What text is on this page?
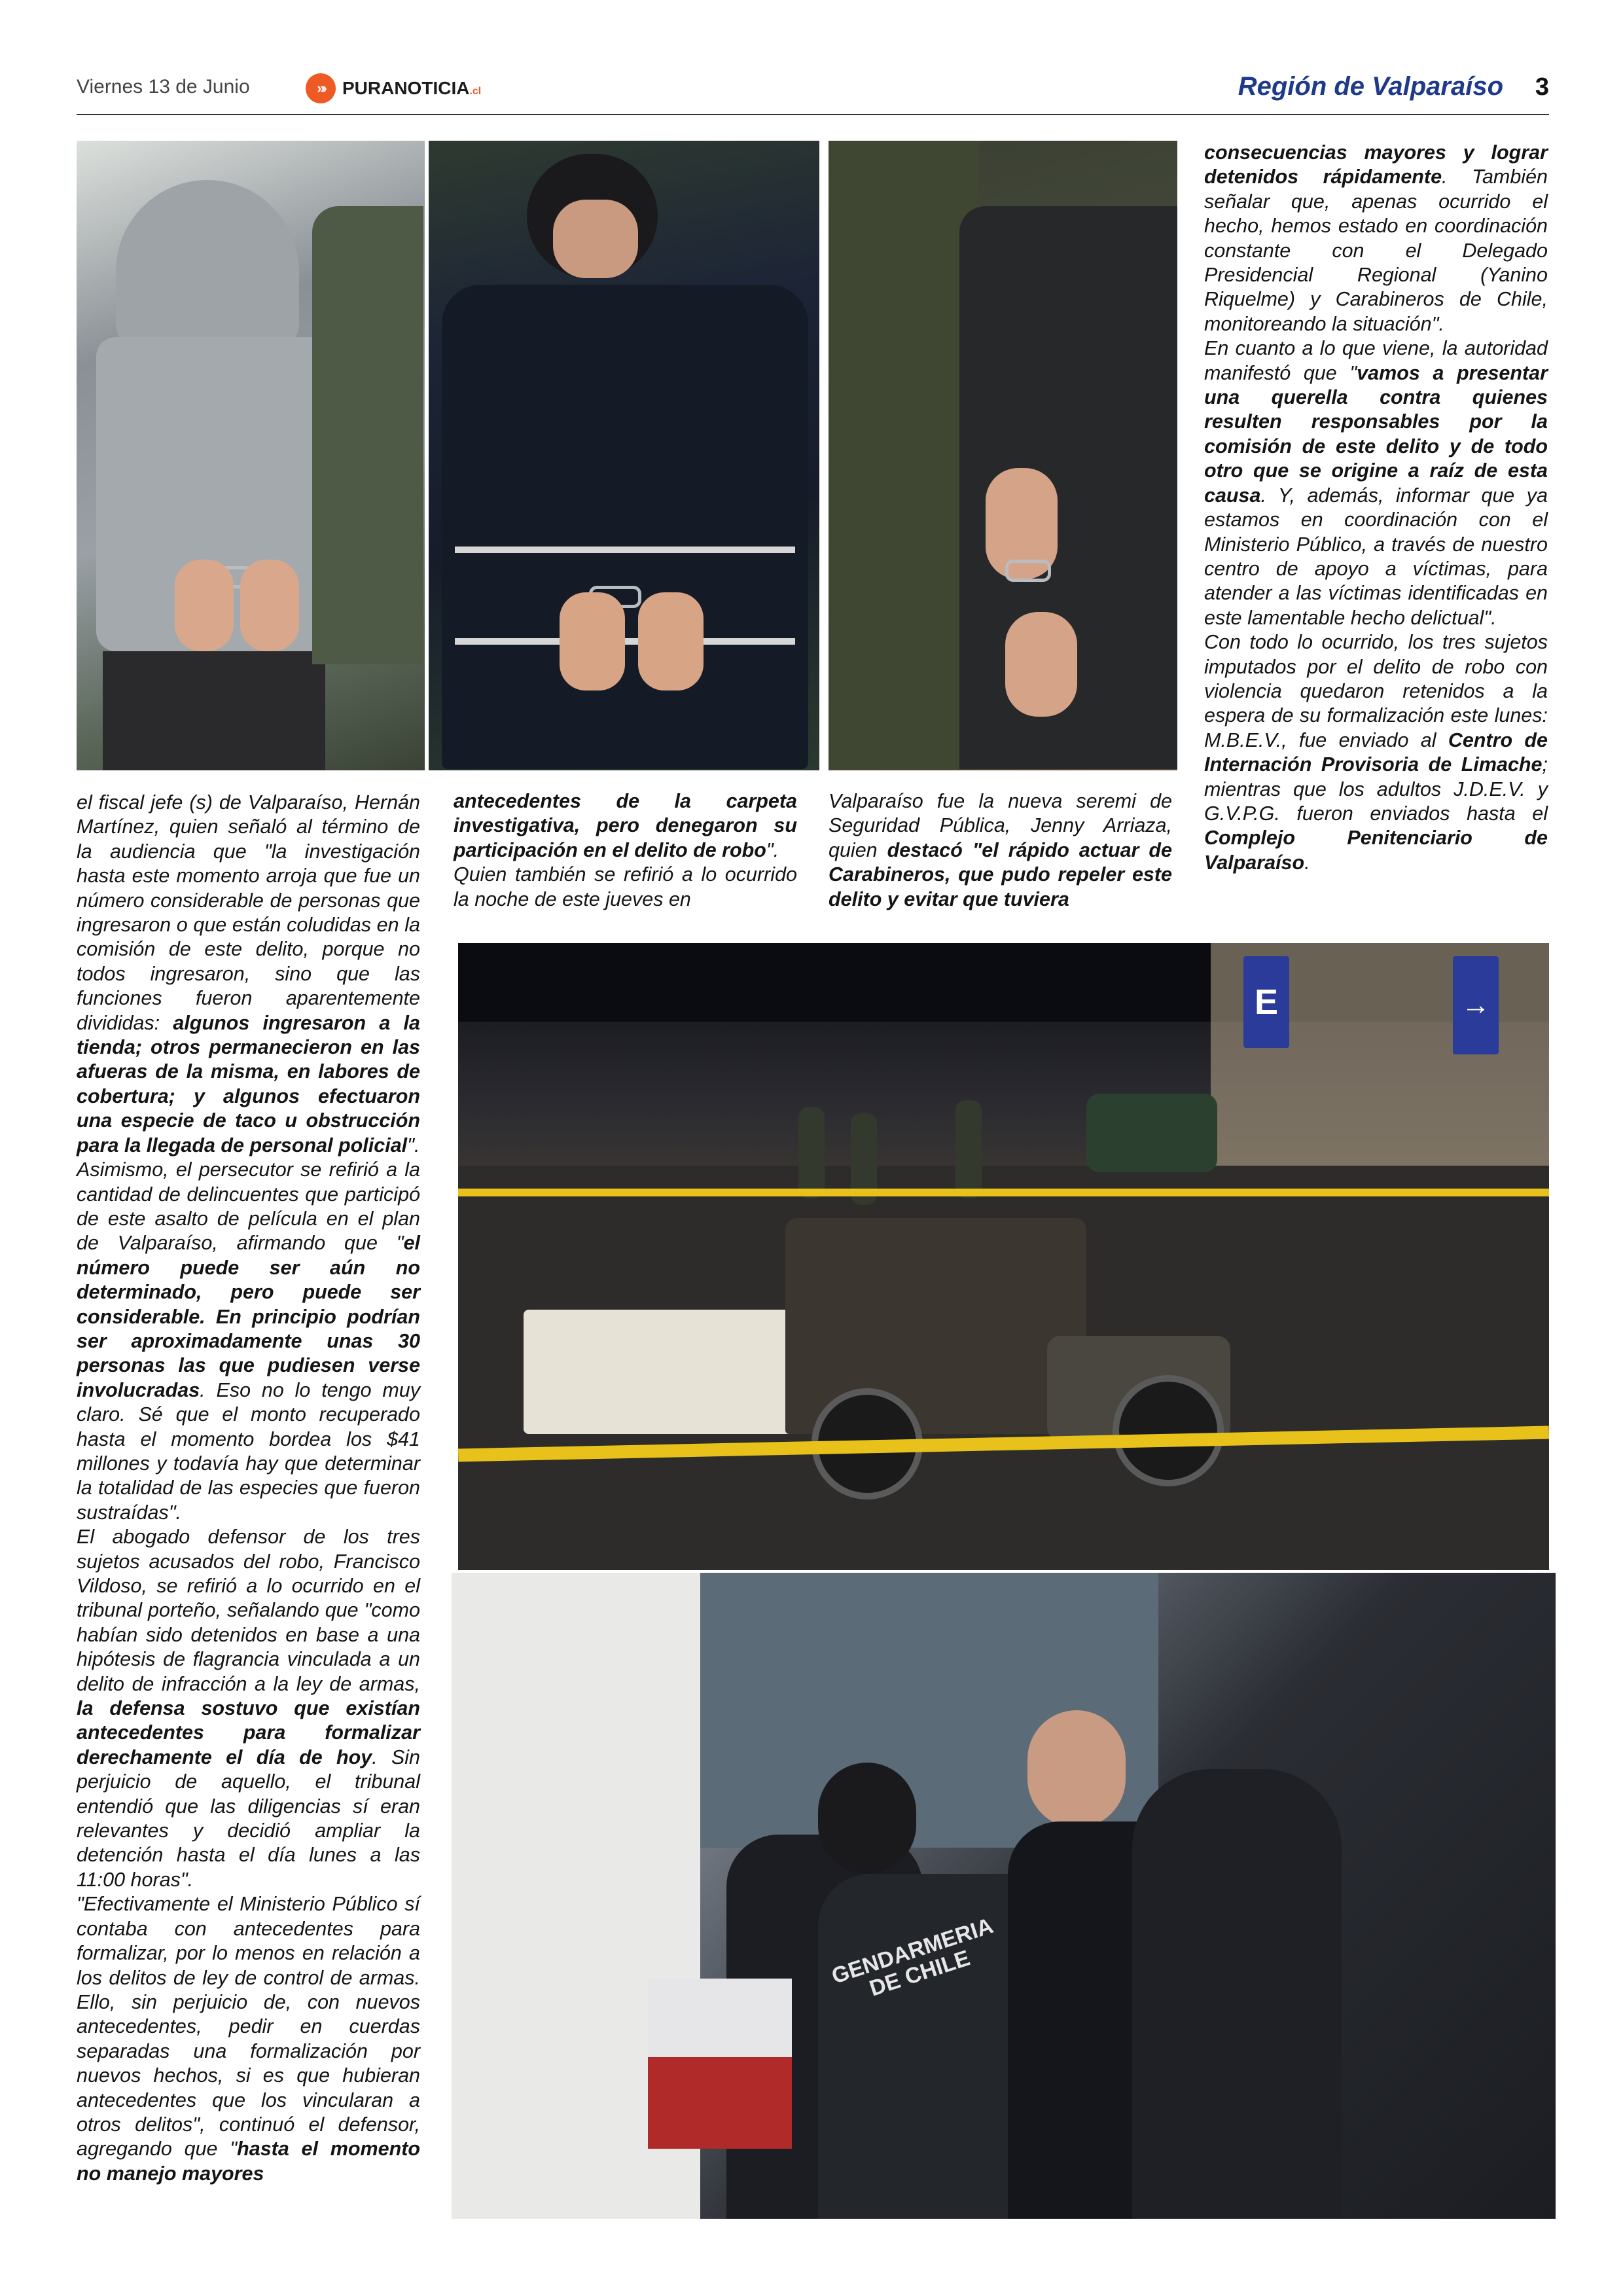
Viernes 13 de Junio	»› PURANOTICIA.cl	Región de Valparaíso 3

el fiscal jefe (s) de Valparaíso, Hernán Martínez, quien señaló al término de la audiencia que "la investigación hasta este momento arroja que fue un número considerable de personas que ingresaron o que están coludidas en la comisión de este delito, porque no todos ingresaron, sino que las funciones fueron aparentemente divididas: algunos ingresaron a la tienda; otros permanecieron en las afueras de la misma, en labores de cobertura; y algunos efectuaron una especie de taco u obstrucción para la llegada de personal policial".

Asimismo, el persecutor se refirió a la cantidad de delincuentes que participó de este asalto de película en el plan de Valparaíso, afirmando que "el número puede ser aún no determinado, pero puede ser considerable. En principio podrían ser aproximadamente unas 30 personas las que pudiesen verse involucradas. Eso no lo tengo muy claro. Sé que el monto recuperado hasta el momento bordea los $41 millones y todavía hay que determinar la totalidad de las especies que fueron sustraídas".

El abogado defensor de los tres sujetos acusados del robo, Francisco Vildoso, se refirió a lo ocurrido en el tribunal porteño, señalando que "como habían sido detenidos en base a una hipótesis de flagrancia vinculada a un delito de infracción a la ley de armas, la defensa sostuvo que existían antecedentes para formalizar derechamente el día de hoy. Sin perjuicio de aquello, el tribunal entendió que las diligencias sí eran relevantes y decidió ampliar la detención hasta el día lunes a las 11:00 horas".

"Efectivamente el Ministerio Público sí contaba con antecedentes para formalizar, por lo menos en relación a los delitos de ley de control de armas. Ello, sin perjuicio de, con nuevos antecedentes, pedir en cuerdas separadas una formalización por nuevos hechos, si es que hubieran antecedentes que los vincularan a otros delitos", continuó el defensor, agregando que "hasta el momento no manejo mayores

antecedentes de la carpeta investigativa, pero denegaron su participación en el delito de robo".

Quien también se refirió a lo ocurrido la noche de este jueves en

Valparaíso fue la nueva seremi de Seguridad Pública, Jenny Arriaza, quien destacó "el rápido actuar de Carabineros, que pudo repeler este delito y evitar que tuviera

consecuencias mayores y lograr detenidos rápidamente. También señalar que, apenas ocurrido el hecho, hemos estado en coordinación constante con el Delegado Presidencial Regional (Yanino Riquelme) y Carabineros de Chile, monitoreando la situación".

En cuanto a lo que viene, la autoridad manifestó que "vamos a presentar una querella contra quienes resulten responsables por la comisión de este delito y de todo otro que se origine a raíz de esta causa. Y, además, informar que ya estamos en coordinación con el Ministerio Público, a través de nuestro centro de apoyo a víctimas, para atender a las víctimas identificadas en este lamentable hecho delictual".

Con todo lo ocurrido, los tres sujetos imputados por el delito de robo con violencia quedaron retenidos a la espera de su formalización este lunes: M.B.E.V., fue enviado al Centro de Internación Provisoria de Limache; mientras que los adultos J.D.E.V. y G.V.P.G. fueron enviados hasta el Complejo Penitenciario de Valparaíso.

E	→
GENDARMERIA DE CHILE
